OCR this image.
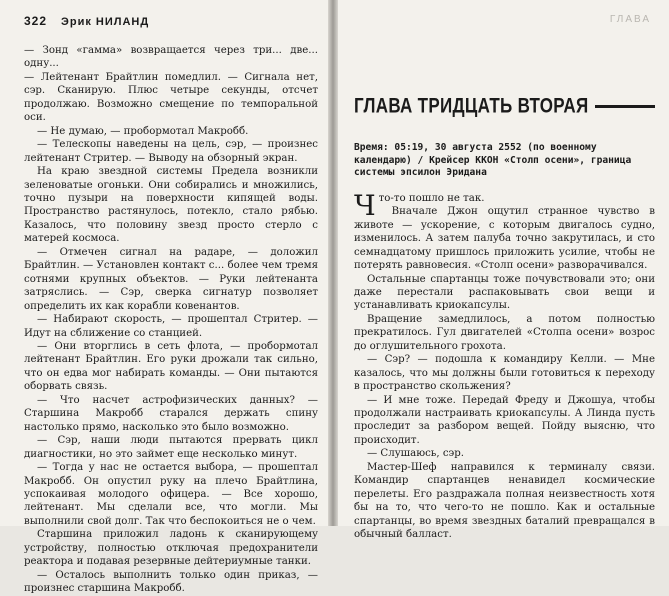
322 Эрик НИЛАНД

— Зонд «гамма» возвращается через три... две... одну...

— Лейтенант Брайтлин помедлил. — Сигнала нет, сэр. Сканирую. Плюс четыре секунды, отсчет продолжаю. Возможно смещение по темпоральной оси.

— Не думаю, — пробормотал Макробб.

— Телескопы наведены на цель, сэр, — произнес лейтенант Стритер. — Выводу на обзорный экран.

На краю звездной системы Предела возникли зеленоватые огоньки. Они собирались и множились, точно пузыри на поверхности кипящей воды. Пространство растянулось, потекло, стало рябью. Казалось, что половину звезд просто стерло с матерей космоса.

— Отмечен сигнал на радаре, — доложил Брайтлин. — Установлен контакт с... более чем тремя сотнями крупных объектов. — Руки лейтенанта затряслись. — Сэр, сверка сигнатур позволяет определить их как корабли ковенантов.

— Набирают скорость, — прошептал Стритер. — Идут на сближение со станцией.

— Они вторглись в сеть флота, — пробормотал лейтенант Брайтлин. Его руки дрожали так сильно, что он едва мог набирать команды. — Они пытаются оборвать связь.

— Что насчет астрофизических данных? — Старшина Макробб старался держать спину настолько прямо, насколько это было возможно.

— Сэр, наши люди пытаются прервать цикл диагностики, но это займет еще несколько минут.

— Тогда у нас не остается выбора, — прошептал Макробб. Он опустил руку на плечо Брайтлина, успокаивая молодого офицера. — Все хорошо, лейтенант. Мы сделали все, что могли. Мы выполнили свой долг. Так что беспокоиться не о чем.

Старшина приложил ладонь к сканирующему устройству, полностью отключая предохранители реактора и подавая резервные дейтериумные танки.

— Осталось выполнить только один приказ, — произнес старшина Макробб.

ГЛАВА
ГЛАВА ТРИДЦАТЬ ВТОРАЯ

Время: 05:19, 30 августа 2552 (по военному календарю) / Крейсер ККОН «Столп осени», граница системы эпсилон Эридана

Ч то-то пошло не так.

Вначале Джон ощутил странное чувство в животе — ускорение, с которым двигалось судно, изменилось. А затем палуба точно закрутилась, и сто семнадцатому пришлось приложить усилие, чтобы не потерять равновесия. «Столп осени» разворачивался.

Остальные спартанцы тоже почувствовали это; они даже перестали распаковывать свои вещи и устанавливать криокапсулы.

Вращение замедлилось, а потом полностью прекратилось. Гул двигателей «Столпа осени» возрос до оглушительного грохота.

— Сэр? — подошла к командиру Келли. — Мне казалось, что мы должны были готовиться к переходу в пространство скольжения?

— И мне тоже. Передай Фреду и Джошуа, чтобы продолжали настраивать криокапсулы. А Линда пусть проследит за разбором вещей. Пойду выясню, что происходит.

— Слушаюсь, сэр.

Мастер-Шеф направился к терминалу связи. Командир спартанцев ненавидел космические перелеты. Его раздражала полная неизвестность хотя бы на то, что чего-то не пошло. Как и остальные спартанцы, во время звездных баталий превращался в обычный балласт.
